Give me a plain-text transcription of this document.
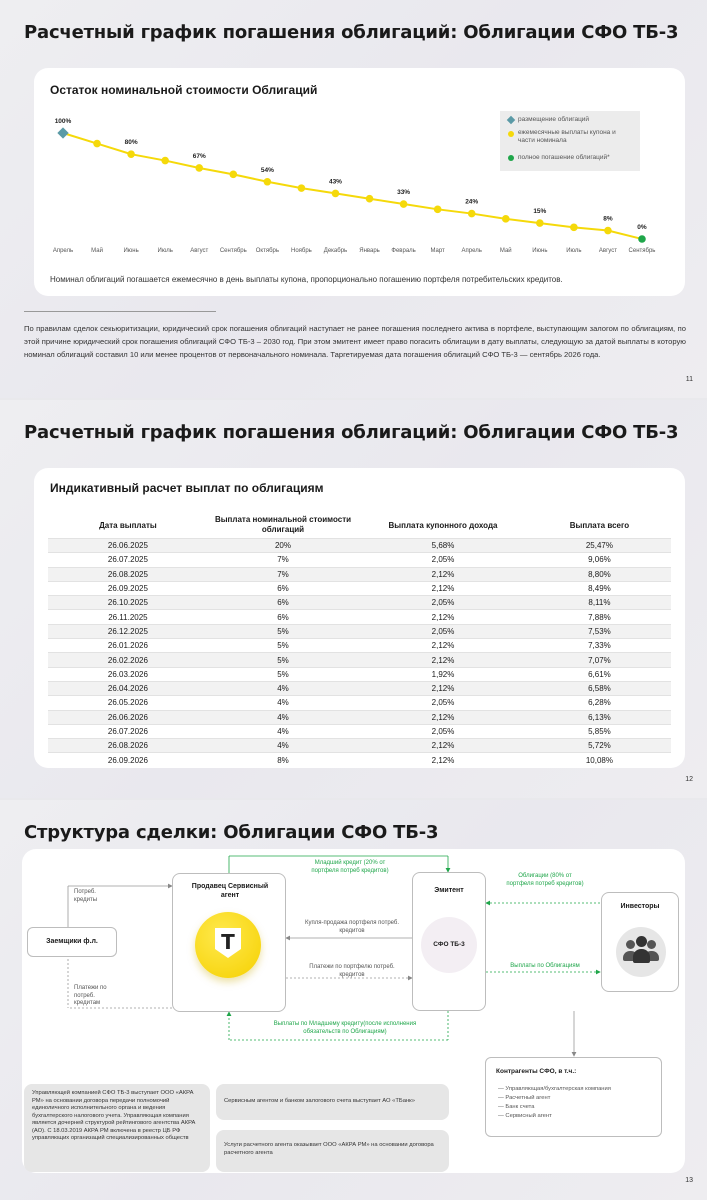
Расчетный график погашения облигаций: Облигации СФО ТБ-3
Остаток номинальной стоимости Облигаций
100%
Апрель	Май
80%
Июнь	Июль
67%
Август Сентябрь
54%
Октябрь Ноябрь
43%
Декабрь Январь
33%
Февраль Март
24%
Апрель	Май
15%
Июнь	Июль
8%
Август
0%
Сентябрь
размещение облигаций
ежемесячные выплаты купона и части номинала
полное погашение облигаций*
Номинал облигаций погашается ежемесячно в день выплаты купона, пропорционально погашению портфеля потребительских кредитов.
По правилам сделок секьюритизации, юридический срок погашения облигаций наступает не ранее погашения последнего актива в портфеле, выступающим залогом по облигациям, по этой причине юридический срок погашения облигаций СФО ТБ-3 – 2030 год. При этом эмитент имеет право погасить облигации в дату выплаты, следующую за датой выплаты в которую номинал облигаций составил 10 или менее процентов от первоначального номинала. Таргетируемая дата погашения облигаций СФО ТБ-3 — сентябрь 2026 года.
11
Расчетный график погашения облигаций: Облигации СФО ТБ-3
Индикативный расчет выплат по облигациям
12
Дата выплаты	Выплата номинальной стоимости облигаций	Выплата купонного дохода	Выплата всего
26.06.2025	20%	5,68%	25,47%
26.07.2025	7%	2,05%	9,06%
26.08.2025	7%	2,12%	8,80%
26.09.2025	6%	2,12%	8,49%
26.10.2025	6%	2,05%	8,11%
26.11.2025	6%	2,12%	7,88%
26.12.2025	5%	2,05%	7,53%
26.01.2026	5%	2,12%	7,33%
26.02.2026	5%	2,12%	7,07%
26.03.2026	5%	1,92%	6,61%
26.04.2026	4%	2,12%	6,58%
26.05.2026	4%	2,05%	6,28%
26.06.2026	4%	2,12%	6,13%
26.07.2026	4%	2,05%	5,85%
26.08.2026	4%	2,12%	5,72%
26.09.2026	8%	2,12%	10,08%
Структура сделки: Облигации СФО ТБ-3
Заемщики ф.л.
Потреб. кредиты
Платежи по потреб. кредитам
Продавец Сервисный агент
Т
Купля-продажа портфеля потреб. кредитов
Платежи по портфелю потреб. кредитов
Младший кредит (20% от портфеля потреб кредитов)
Выплаты по Младшему кредиту(после исполнения обязательств по Облигациям)
Эмитент
СФО ТБ-3
Облигации (80% от портфеля потреб кредитов)
Выплаты по Облигациям
Инвесторы
Контрагенты СФО, в т.ч.:
— Управляющая/бухгалтерская компания
— Расчетный агент
— Банк счета
— Сервисный агент
Управляющей компанией СФО ТБ-3 выступает ООО «АКРА РМ» на основании договора передачи полномочий единоличного исполнительного органа и ведения бухгалтерского налогового учета. Управляющая компания является дочерней структурой рейтингового агентства АКРА (АО). С 18.03.2019 АКРА РМ включена в реестр ЦБ РФ управляющих организаций специализированных обществ
Сервисным агентом и банком залогового счета выступает АО «ТБанк»
Услуги расчетного агента оказывает ООО «АКРА РМ» на основании договора расчетного агента
13
